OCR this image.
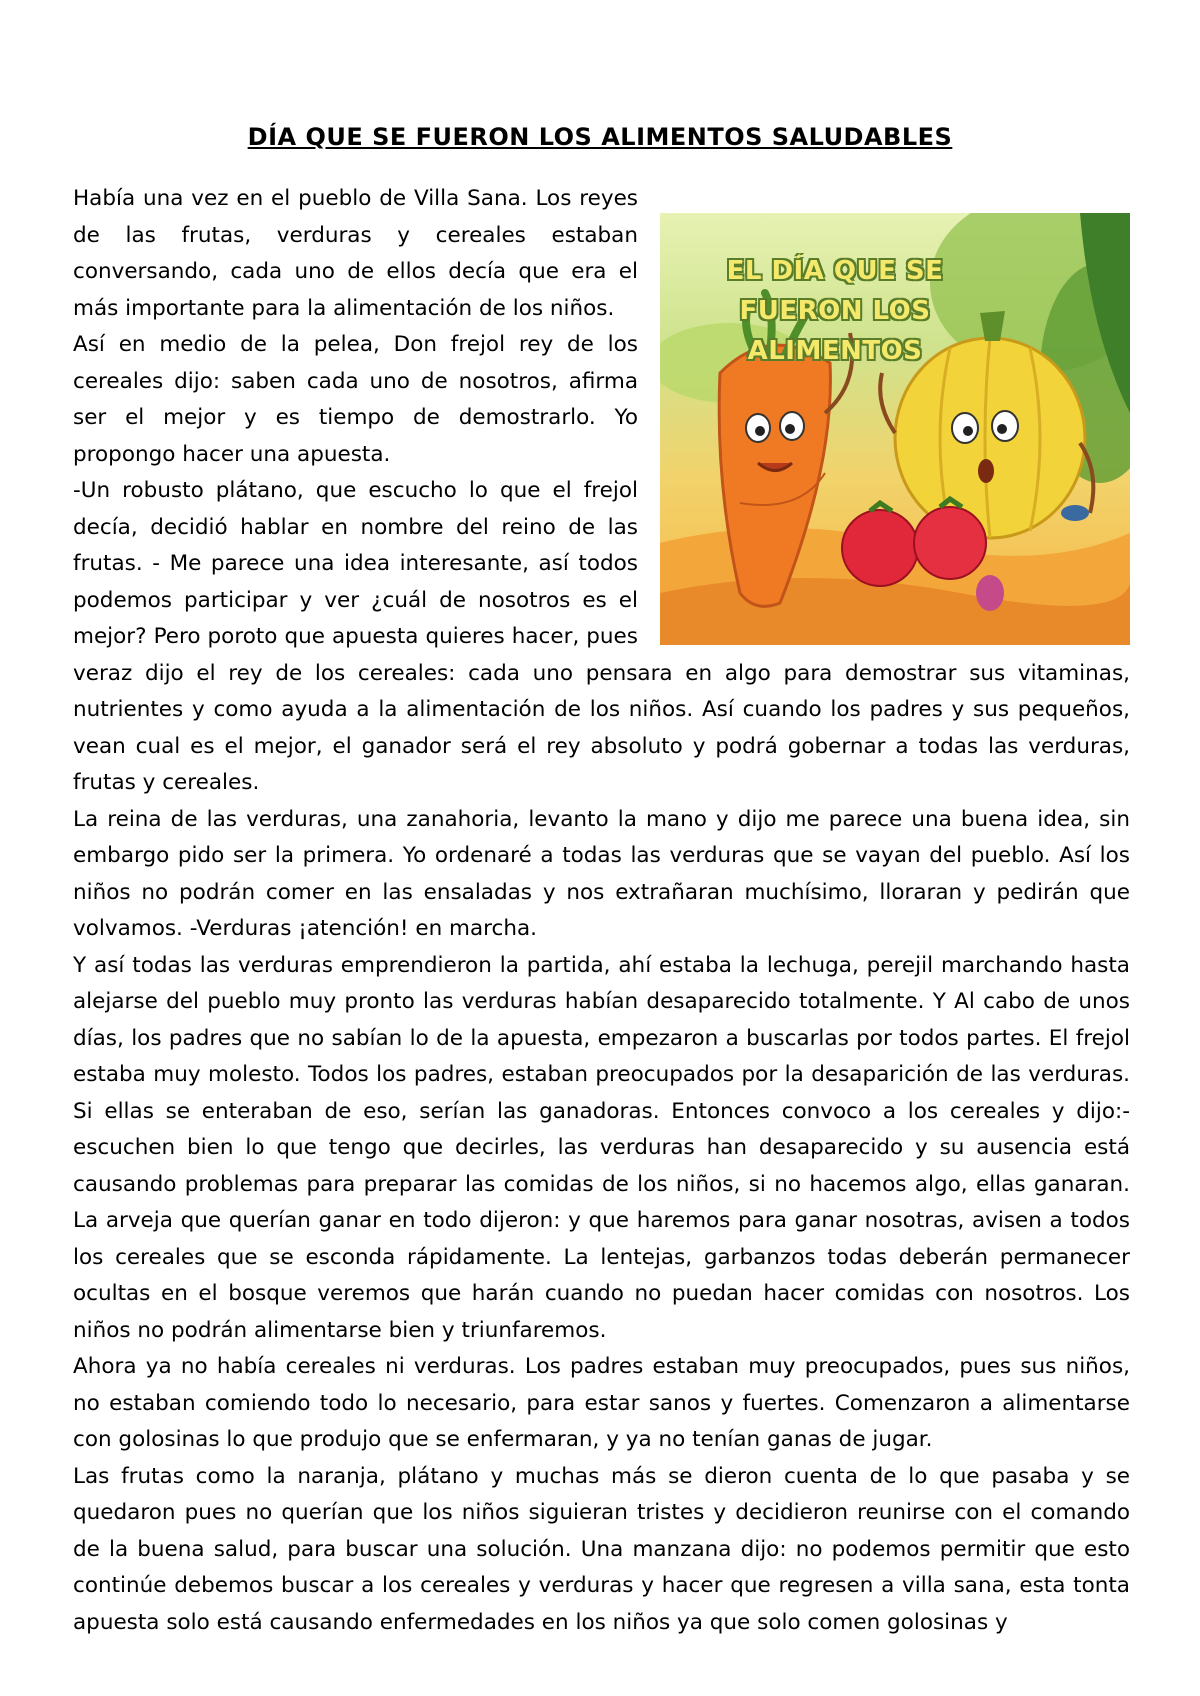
DÍA QUE SE FUERON LOS ALIMENTOS SALUDABLES
EL DÍA QUE SE
FUERON LOS ALIMENTOS

Había una vez en el pueblo de Villa Sana. Los reyes de las frutas, verduras y cereales estaban conversando, cada uno de ellos decía que era el más importante para la alimentación de los niños.

Así en medio de la pelea, Don frejol rey de los cereales dijo: saben cada uno de nosotros, afirma ser el mejor y es tiempo de demostrarlo. Yo propongo hacer una apuesta.

-Un robusto plátano, que escucho lo que el frejol decía, decidió hablar en nombre del reino de las frutas. - Me parece una idea interesante, así todos podemos participar y ver ¿cuál de nosotros es el mejor? Pero poroto que apuesta quieres hacer, pues veraz dijo el rey de los cereales: cada uno pensara en algo para demostrar sus vitaminas, nutrientes y como ayuda a la alimentación de los niños. Así cuando los padres y sus pequeños, vean cual es el mejor, el ganador será el rey absoluto y podrá gobernar a todas las verduras, frutas y cereales.

La reina de las verduras, una zanahoria, levanto la mano y dijo me parece una buena idea, sin embargo pido ser la primera. Yo ordenaré a todas las verduras que se vayan del pueblo. Así los niños no podrán comer en las ensaladas y nos extrañaran muchísimo, lloraran y pedirán que volvamos. -Verduras ¡atención! en marcha.

Y así todas las verduras emprendieron la partida, ahí estaba la lechuga, perejil marchando hasta alejarse del pueblo muy pronto las verduras habían desaparecido totalmente. Y Al cabo de unos días, los padres que no sabían lo de la apuesta, empezaron a buscarlas por todos partes. El frejol estaba muy molesto. Todos los padres, estaban preocupados por la desaparición de las verduras. Si ellas se enteraban de eso, serían las ganadoras. Entonces convoco a los cereales y dijo:-escuchen bien lo que tengo que decirles, las verduras han desaparecido y su ausencia está causando problemas para preparar las comidas de los niños, si no hacemos algo, ellas ganaran. La arveja que querían ganar en todo dijeron: y que haremos para ganar nosotras, avisen a todos los cereales que se esconda rápidamente. La lentejas, garbanzos todas deberán permanecer ocultas en el bosque veremos que harán cuando no puedan hacer comidas con nosotros. Los niños no podrán alimentarse bien y triunfaremos.

Ahora ya no había cereales ni verduras. Los padres estaban muy preocupados, pues sus niños, no estaban comiendo todo lo necesario, para estar sanos y fuertes. Comenzaron a alimentarse con golosinas lo que produjo que se enfermaran, y ya no tenían ganas de jugar.

Las frutas como la naranja, plátano y muchas más se dieron cuenta de lo que pasaba y se quedaron pues no querían que los niños siguieran tristes y decidieron reunirse con el comando de la buena salud, para buscar una solución. Una manzana dijo: no podemos permitir que esto continúe debemos buscar a los cereales y verduras y hacer que regresen a villa sana, esta tonta apuesta solo está causando enfermedades en los niños ya que solo comen golosinas y
